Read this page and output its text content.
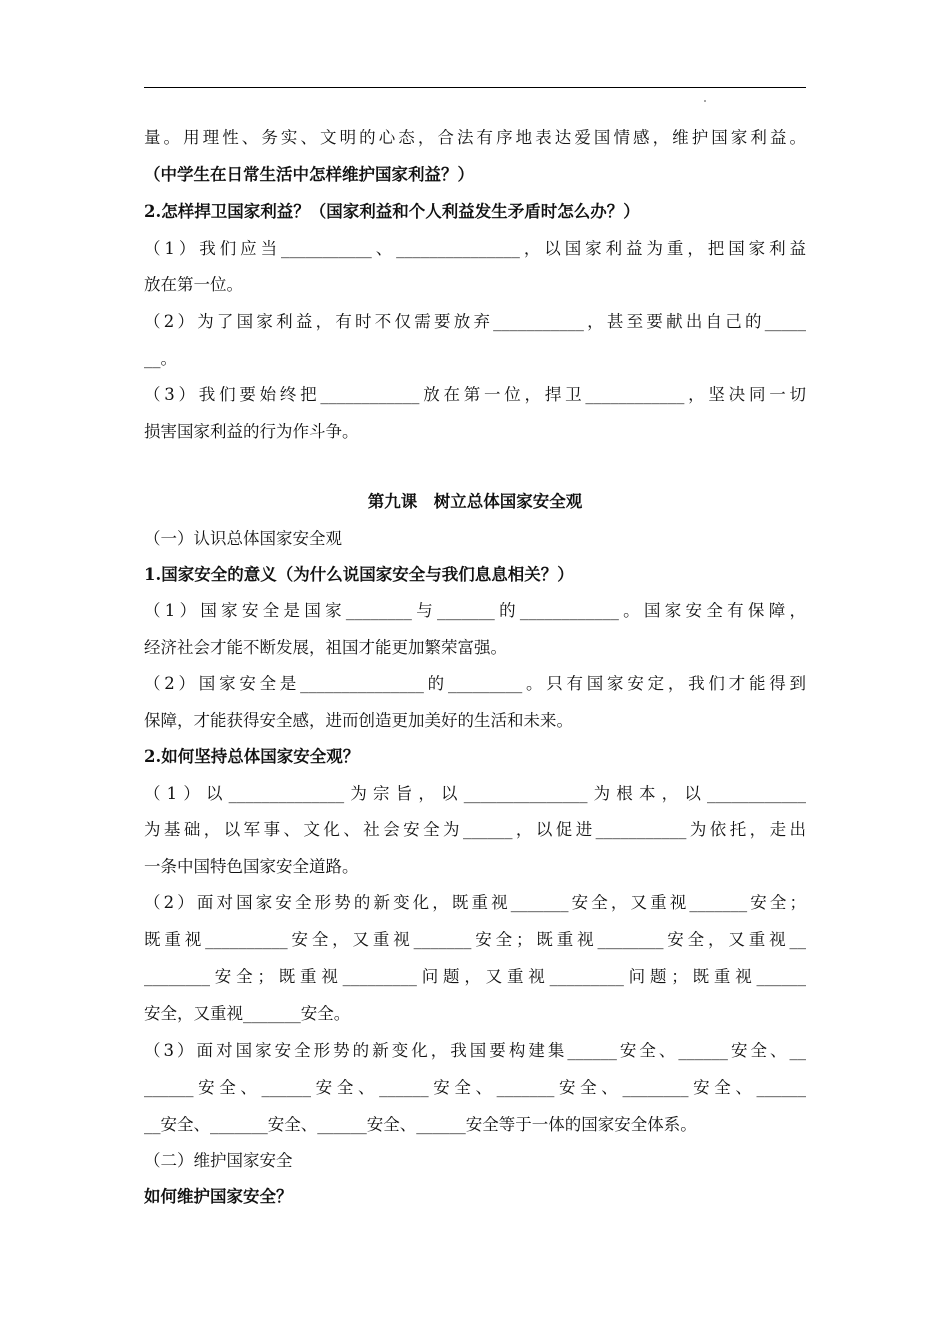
量。用理性、务实、文明的心态，合法有序地表达爱国情感，维护国家利益。
（中学生在日常生活中怎样维护国家利益？）
2.怎样捍卫国家利益？（国家利益和个人利益发生矛盾时怎么办？）
（1）我们应当___________、_______________，以国家利益为重，把国家利益
放在第一位。
（2）为了国家利益，有时不仅需要放弃___________，甚至要献出自己的_____
__。
（3）我们要始终把____________放在第一位，捍卫____________，坚决同一切
损害国家利益的行为作斗争。
第九课　树立总体国家安全观
（一）认识总体国家安全观
1.国家安全的意义（为什么说国家安全与我们息息相关？）
（1）国家安全是国家________与_______的____________。国家安全有保障，
经济社会才能不断发展，祖国才能更加繁荣富强。
（2）国家安全是_______________的_________。只有国家安定，我们才能得到
保障，才能获得安全感，进而创造更加美好的生活和未来。
2.如何坚持总体国家安全观？
（1）以______________为宗旨，以_______________为根本，以____________
为基础，以军事、文化、社会安全为______，以促进___________为依托，走出
一条中国特色国家安全道路。
（2）面对国家安全形势的新变化，既重视_______安全，又重视_______安全；
既重视__________安全，又重视_______安全；既重视________安全，又重视__
________安全；既重视_________问题，又重视_________问题；既重视______
安全，又重视_______安全。
（3）面对国家安全形势的新变化，我国要构建集______安全、______安全、__
______安全、______安全、______安全、_______安全、________安全、______
__安全、_______安全、______安全、______安全等于一体的国家安全体系。
（二）维护国家安全
如何维护国家安全？
